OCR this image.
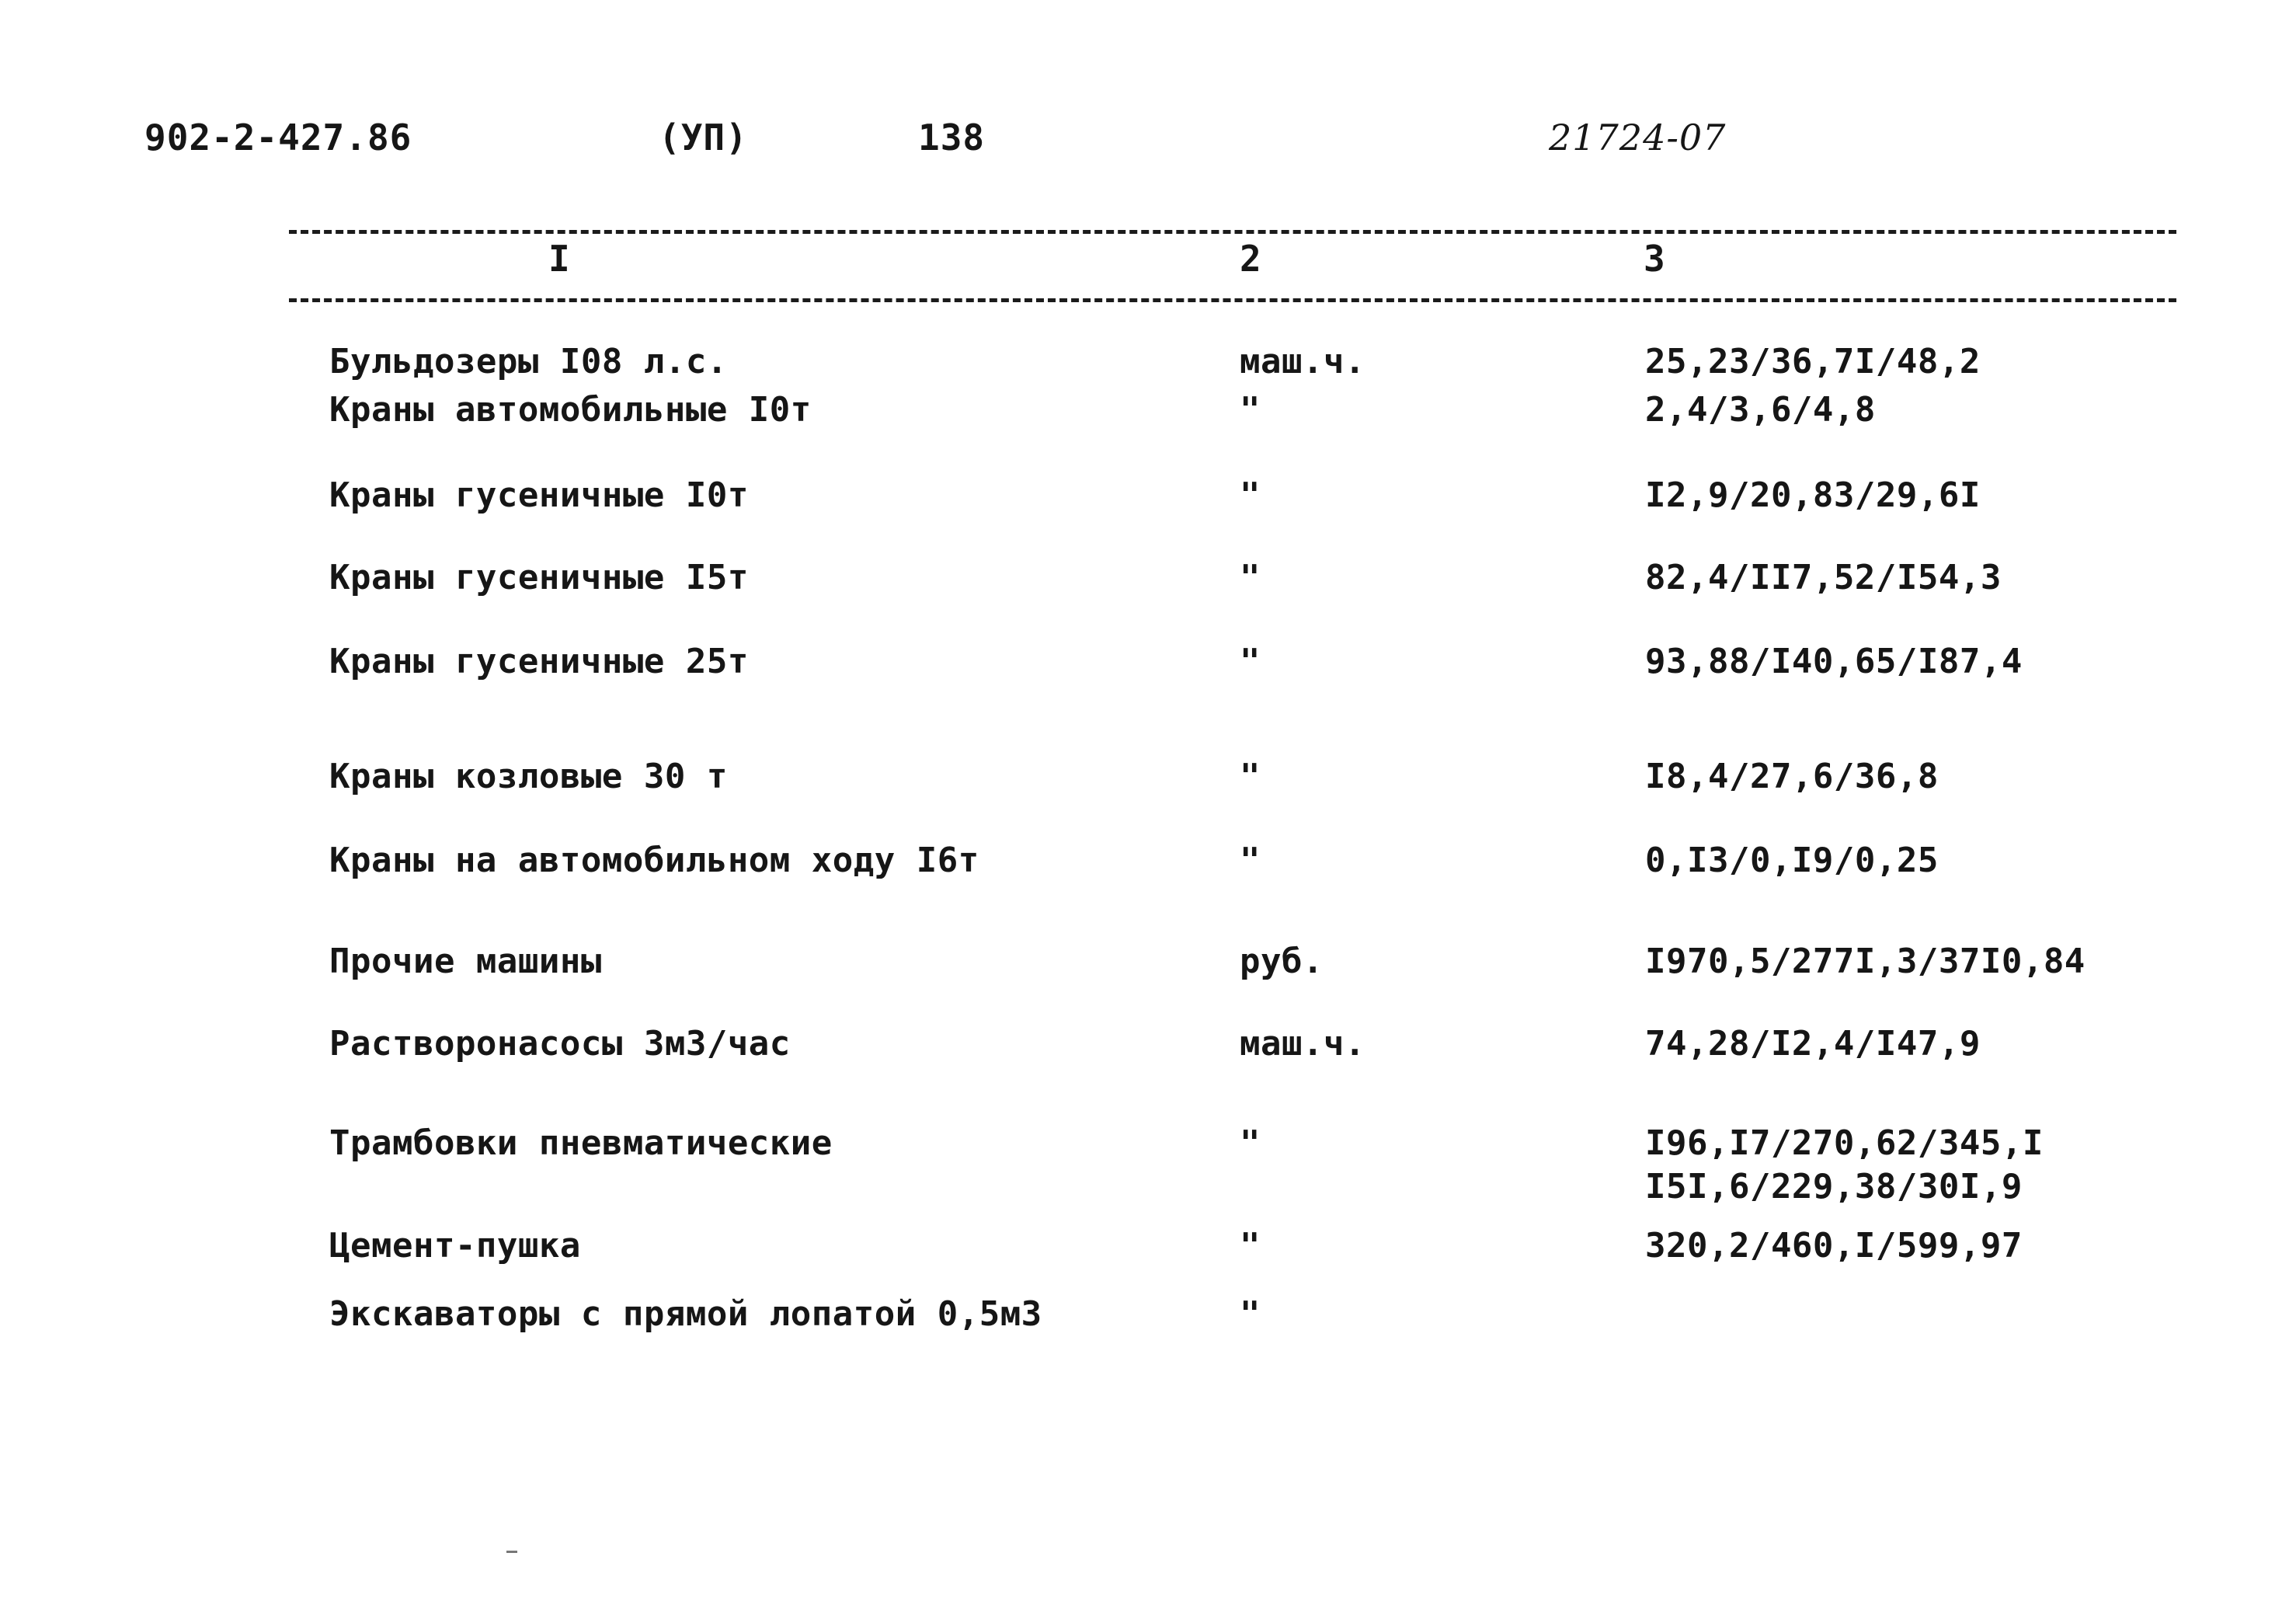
902-2-427.86	(УП)	138	21724-07
I	2	3
Бульдозеры I08 л.с.	маш.ч.	25,23/36,7I/48,2
Краны автомобильные I0т	"	2,4/3,6/4,8
Краны гусеничные I0т	"	I2,9/20,83/29,6I
Краны гусеничные I5т	"	82,4/II7,52/I54,3
Краны гусеничные 25т	"	93,88/I40,65/I87,4
Краны козловые 30 т	"	I8,4/27,6/36,8
Краны на автомобильном ходу I6т	"	0,I3/0,I9/0,25
Прочие машины	руб.	I970,5/277I,3/37I0,84
Растворонасосы 3м3/час	маш.ч.	74,28/I2,4/I47,9
Трамбовки пневматические	"	I96,I7/270,62/345,I
I5I,6/229,38/30I,9
Цемент-пушка	"	320,2/460,I/599,97
Экскаваторы с прямой лопатой 0,5м3	"
